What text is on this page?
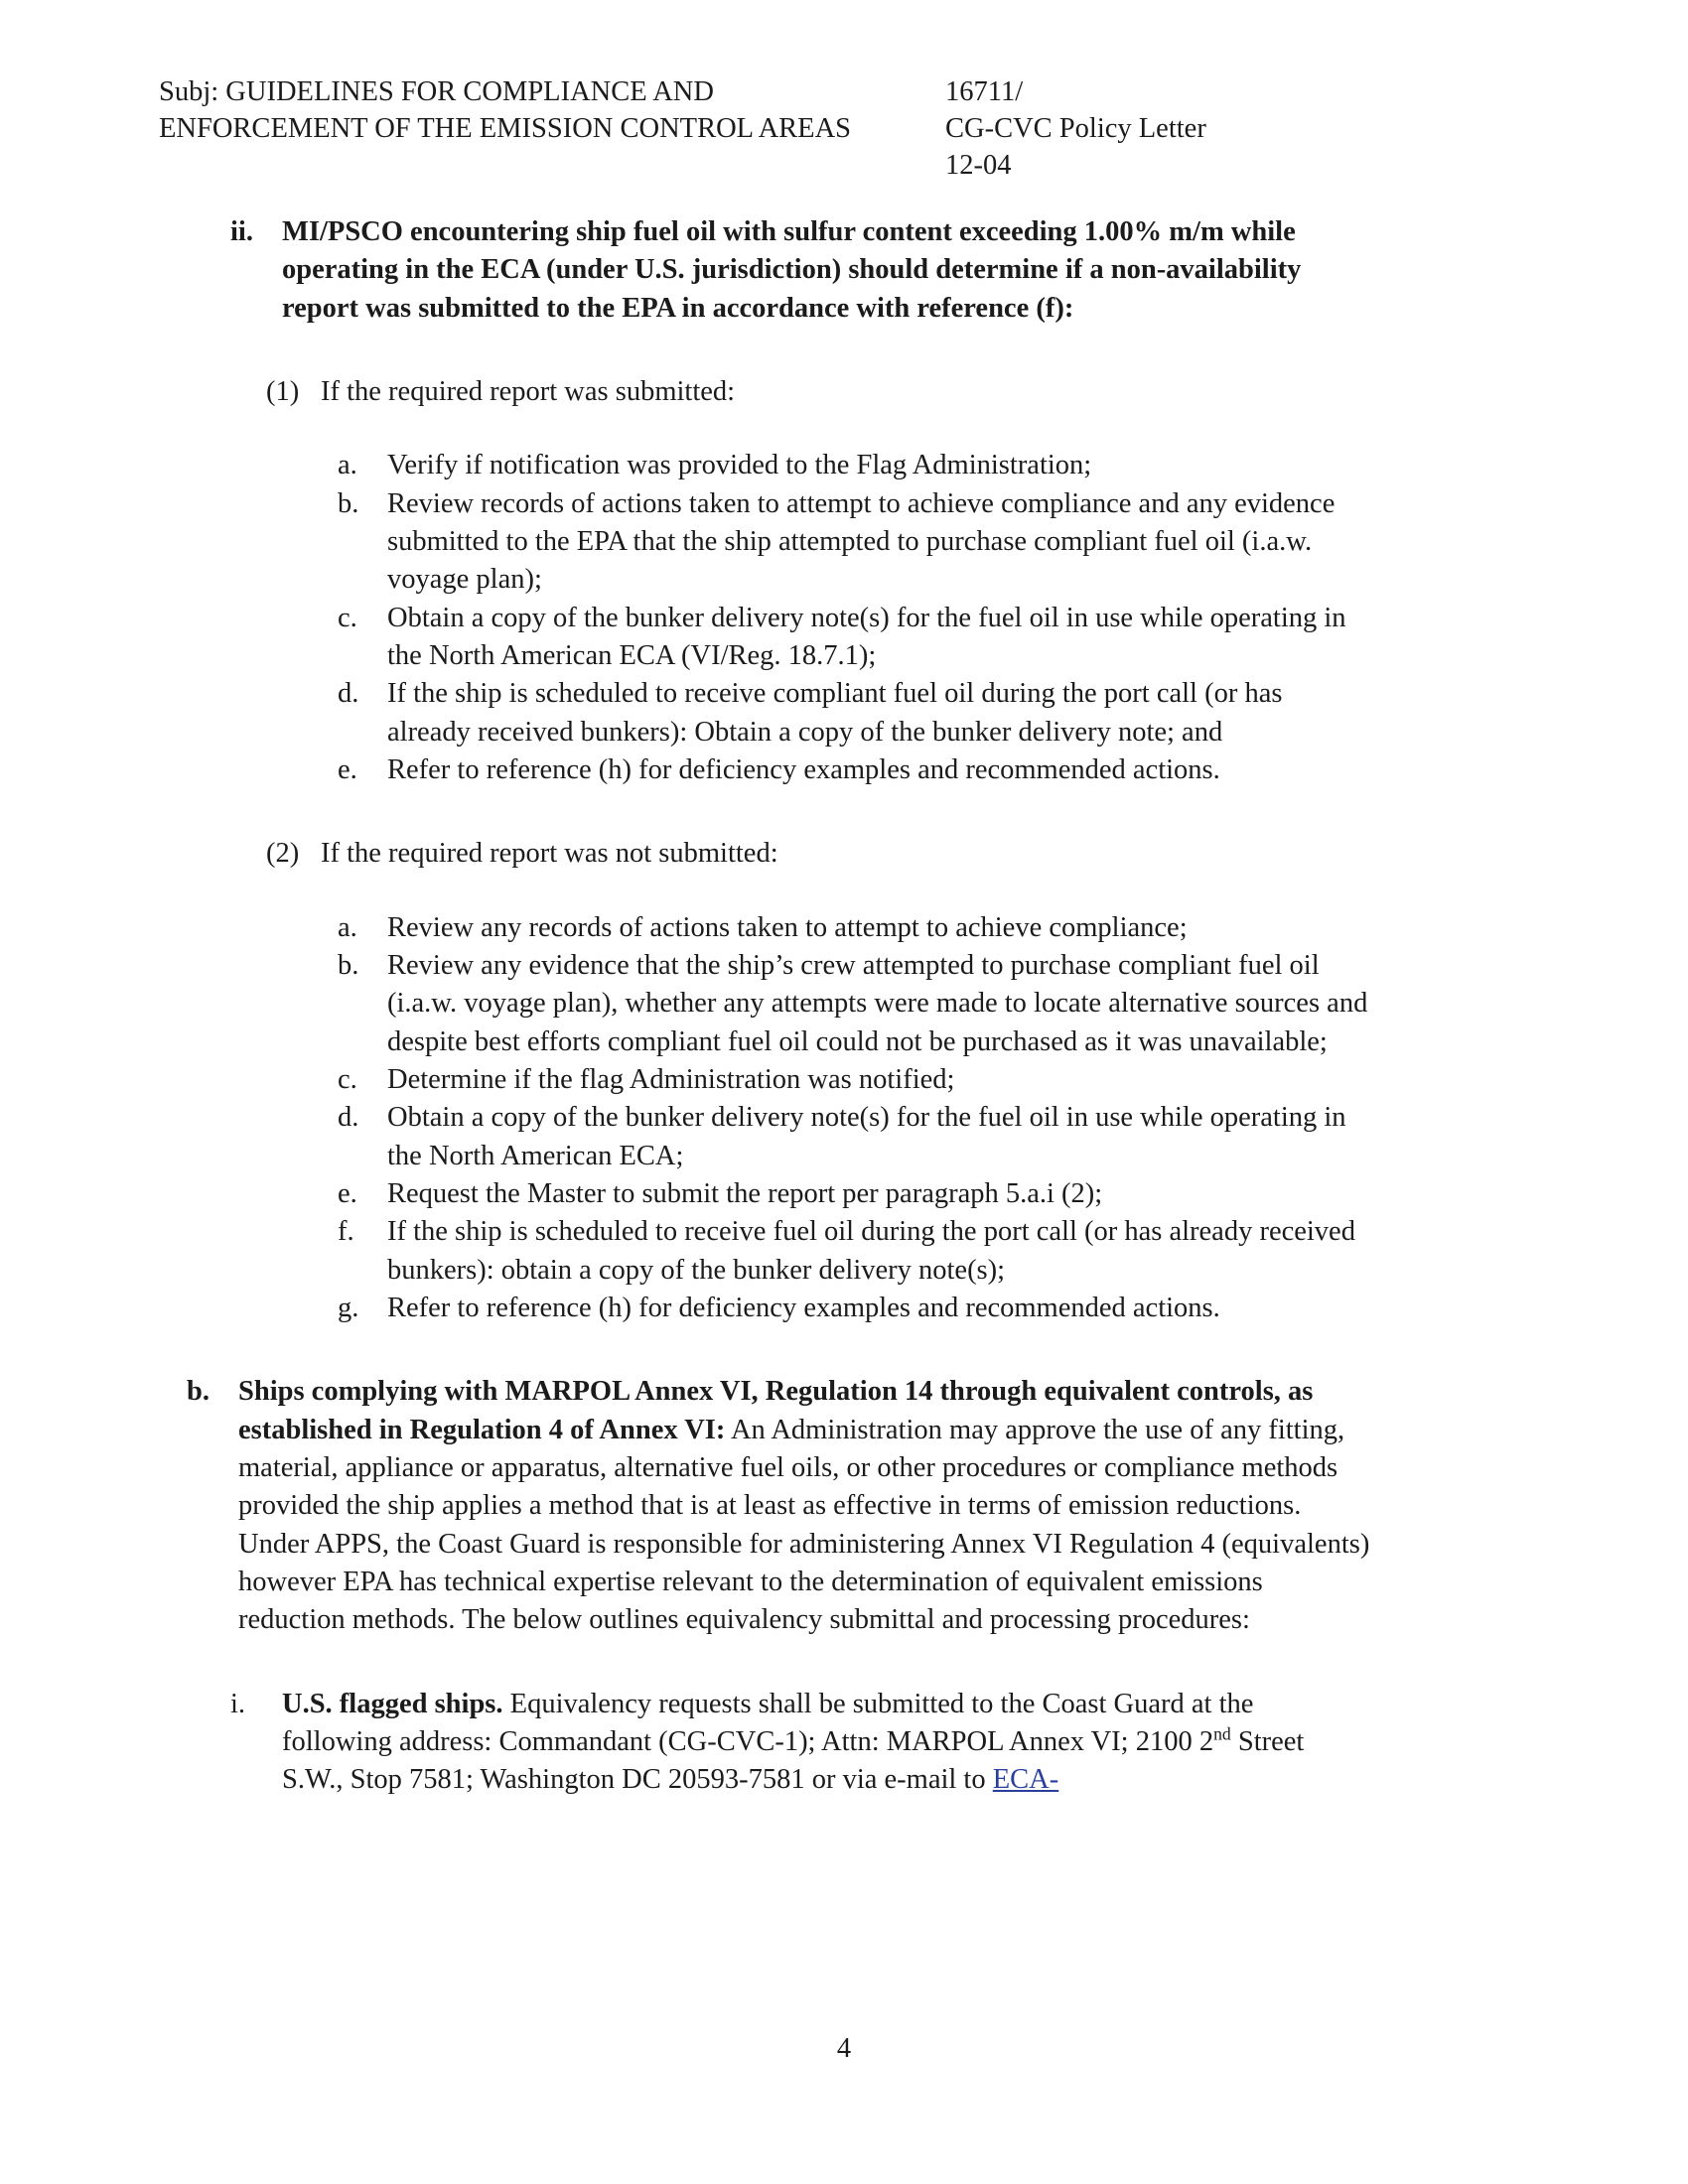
Subj: GUIDELINES FOR COMPLIANCE AND
ENFORCEMENT OF THE EMISSION CONTROL AREAS
16711/
CG-CVC Policy Letter
12-04
ii.	MI/PSCO encountering ship fuel oil with sulfur content exceeding 1.00% m/m while operating in the ECA (under U.S. jurisdiction) should determine if a non-availability report was submitted to the EPA in accordance with reference (f):
(1) If the required report was submitted:
a.	Verify if notification was provided to the Flag Administration;
b.	Review records of actions taken to attempt to achieve compliance and any evidence submitted to the EPA that the ship attempted to purchase compliant fuel oil (i.a.w. voyage plan);
c.	Obtain a copy of the bunker delivery note(s) for the fuel oil in use while operating in the North American ECA (VI/Reg. 18.7.1);
d.	If the ship is scheduled to receive compliant fuel oil during the port call (or has already received bunkers): Obtain a copy of the bunker delivery note; and
e.	Refer to reference (h) for deficiency examples and recommended actions.
(2) If the required report was not submitted:
a.	Review any records of actions taken to attempt to achieve compliance;
b.	Review any evidence that the ship’s crew attempted to purchase compliant fuel oil (i.a.w. voyage plan), whether any attempts were made to locate alternative sources and despite best efforts compliant fuel oil could not be purchased as it was unavailable;
c.	Determine if the flag Administration was notified;
d.	Obtain a copy of the bunker delivery note(s) for the fuel oil in use while operating in the North American ECA;
e.	Request the Master to submit the report per paragraph 5.a.i (2);
f.	If the ship is scheduled to receive fuel oil during the port call (or has already received bunkers): obtain a copy of the bunker delivery note(s);
g.	Refer to reference (h) for deficiency examples and recommended actions.
b.	Ships complying with MARPOL Annex VI, Regulation 14 through equivalent controls, as established in Regulation 4 of Annex VI: An Administration may approve the use of any fitting, material, appliance or apparatus, alternative fuel oils, or other procedures or compliance methods provided the ship applies a method that is at least as effective in terms of emission reductions. Under APPS, the Coast Guard is responsible for administering Annex VI Regulation 4 (equivalents) however EPA has technical expertise relevant to the determination of equivalent emissions reduction methods. The below outlines equivalency submittal and processing procedures:
i.	U.S. flagged ships. Equivalency requests shall be submitted to the Coast Guard at the following address: Commandant (CG-CVC-1); Attn: MARPOL Annex VI; 2100 2nd Street S.W., Stop 7581; Washington DC 20593-7581 or via e-mail to ECA-
4
